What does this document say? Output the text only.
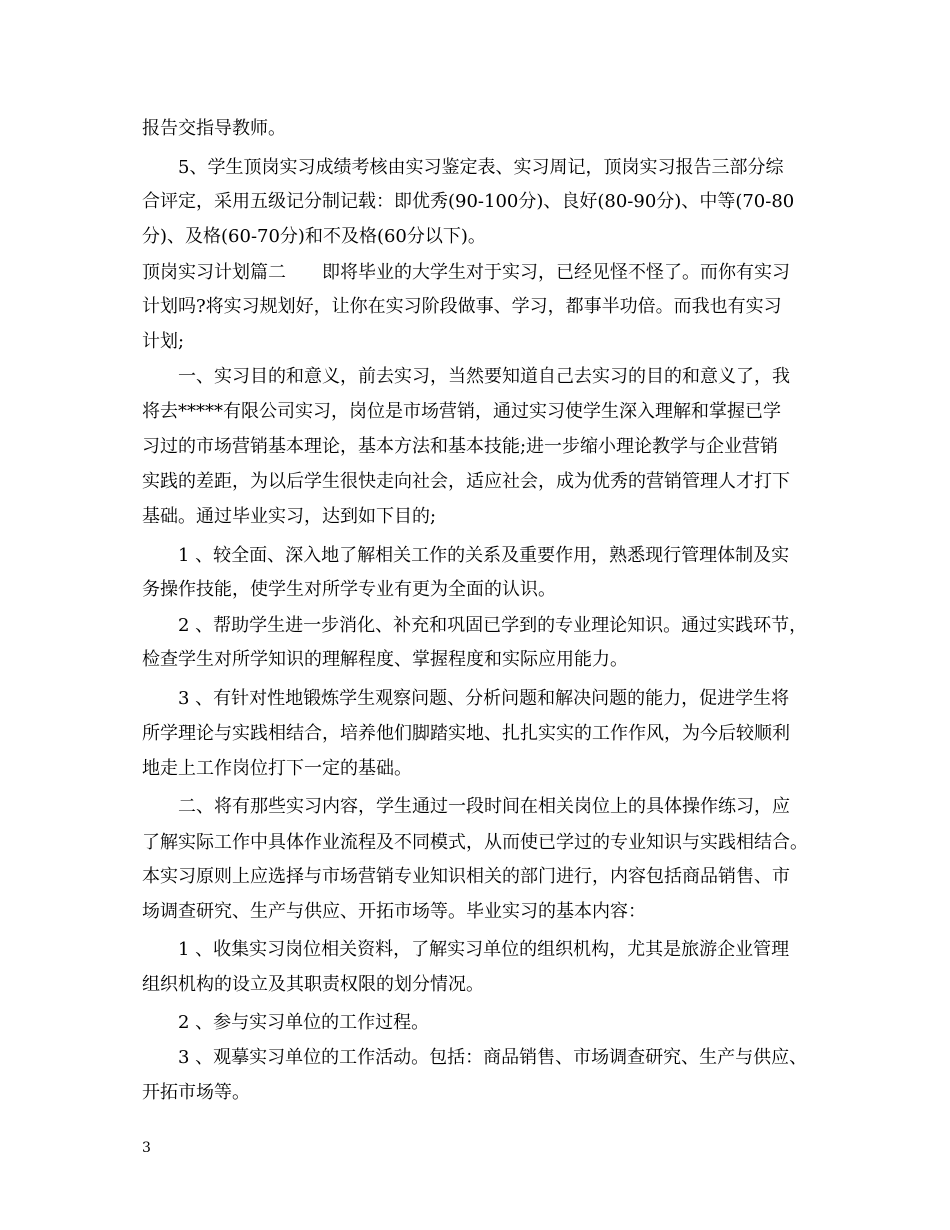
报告交指导教师。
　　5、学生顶岗实习成绩考核由实习鉴定表、实习周记，顶岗实习报告三部分综
合评定，采用五级记分制记载：即优秀(90-100分)、良好(80-90分)、中等(70-80
分)、及格(60-70分)和不及格(60分以下)。
顶岗实习计划篇二　　即将毕业的大学生对于实习，已经见怪不怪了。而你有实习
计划吗?将实习规划好，让你在实习阶段做事、学习，都事半功倍。而我也有实习
计划;
　　一、实习目的和意义，前去实习，当然要知道自己去实习的目的和意义了，我
将去*****有限公司实习，岗位是市场营销，通过实习使学生深入理解和掌握已学
习过的市场营销基本理论，基本方法和基本技能;进一步缩小理论教学与企业营销
实践的差距，为以后学生很快走向社会，适应社会，成为优秀的营销管理人才打下
基础。通过毕业实习，达到如下目的;
　　1 、较全面、深入地了解相关工作的关系及重要作用，熟悉现行管理体制及实
务操作技能，使学生对所学专业有更为全面的认识。
　　2 、帮助学生进一步消化、补充和巩固已学到的专业理论知识。通过实践环节，
检查学生对所学知识的理解程度、掌握程度和实际应用能力。
　　3 、有针对性地锻炼学生观察问题、分析问题和解决问题的能力，促进学生将
所学理论与实践相结合，培养他们脚踏实地、扎扎实实的工作作风，为今后较顺利
地走上工作岗位打下一定的基础。
　　二、将有那些实习内容，学生通过一段时间在相关岗位上的具体操作练习，应
了解实际工作中具体作业流程及不同模式，从而使已学过的专业知识与实践相结合。
本实习原则上应选择与市场营销专业知识相关的部门进行，内容包括商品销售、市
场调查研究、生产与供应、开拓市场等。毕业实习的基本内容：
　　1 、收集实习岗位相关资料，了解实习单位的组织机构，尤其是旅游企业管理
组织机构的设立及其职责权限的划分情况。
　　2 、参与实习单位的工作过程。
　　3 、观摹实习单位的工作活动。包括：商品销售、市场调查研究、生产与供应、
开拓市场等。
3
